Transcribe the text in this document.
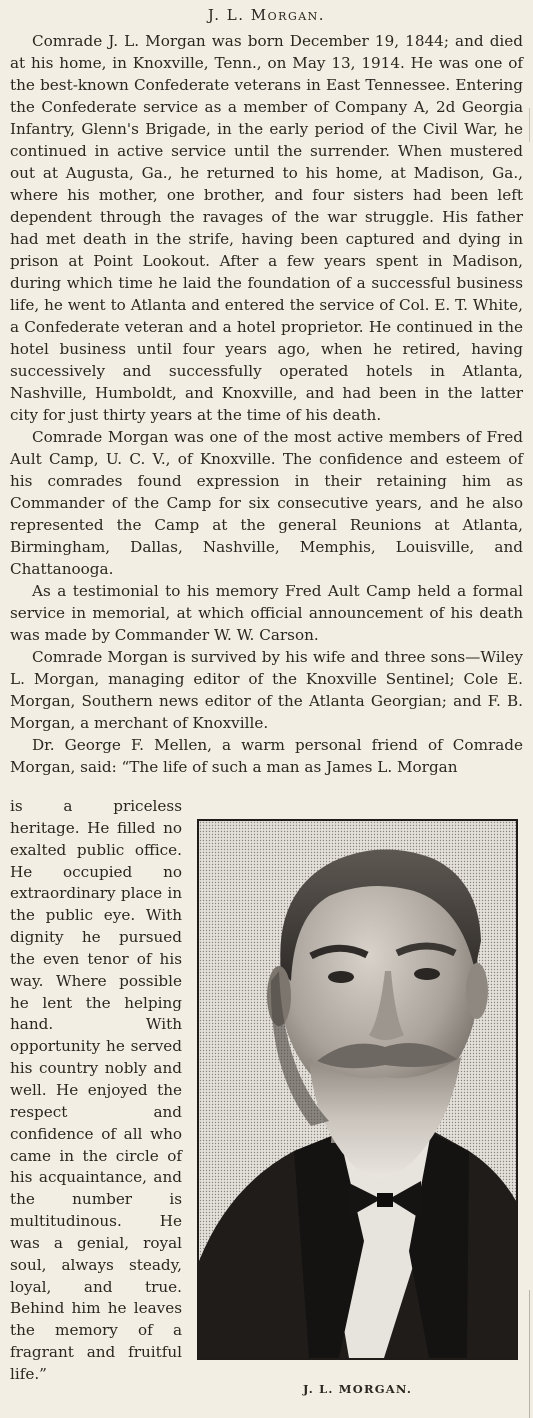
J. L. Morgan.

Comrade J. L. Morgan was born December 19, 1844; and died at his home, in Knoxville, Tenn., on May 13, 1914. He was one of the best-known Confederate veterans in East Tennessee. Entering the Confederate service as a member of Company A, 2d Georgia Infantry, Glenn's Brigade, in the early period of the Civil War, he continued in active service until the surrender. When mustered out at Augusta, Ga., he returned to his home, at Madison, Ga., where his mother, one brother, and four sisters had been left dependent through the ravages of the war struggle. His father had met death in the strife, having been captured and dying in prison at Point Lookout. After a few years spent in Madison, during which time he laid the foundation of a successful business life, he went to Atlanta and entered the service of Col. E. T. White, a Confederate veteran and a hotel proprietor. He continued in the hotel business until four years ago, when he retired, having successively and successfully operated hotels in Atlanta, Nashville, Humboldt, and Knoxville, and had been in the latter city for just thirty years at the time of his death.

Comrade Morgan was one of the most active members of Fred Ault Camp, U. C. V., of Knoxville. The confidence and esteem of his comrades found expression in their retaining him as Commander of the Camp for six consecutive years, and he also represented the Camp at the general Reunions at Atlanta, Birmingham, Dallas, Nashville, Memphis, Louisville, and Chattanooga.

As a testimonial to his memory Fred Ault Camp held a formal service in memorial, at which official announcement of his death was made by Commander W. W. Carson.

Comrade Morgan is survived by his wife and three sons—Wiley L. Morgan, managing editor of the Knoxville Sentinel; Cole E. Morgan, Southern news editor of the Atlanta Georgian; and F. B. Morgan, a merchant of Knoxville.

Dr. George F. Mellen, a warm personal friend of Comrade Morgan, said: “The life of such a man as James L. Morgan

is a priceless heritage. He filled no exalted public office. He occupied no extraordinary place in the public eye. With dignity he pursued the even tenor of his way. Where possible he lent the helping hand. With opportunity he served his country nobly and well. He enjoyed the respect and confidence of all who came in the circle of his acquaintance, and the number is multitudinous. He was a genial, royal soul, always steady, loyal, and true. Behind him he leaves the memory of a fragrant and fruitful life.”

J. L. MORGAN.
